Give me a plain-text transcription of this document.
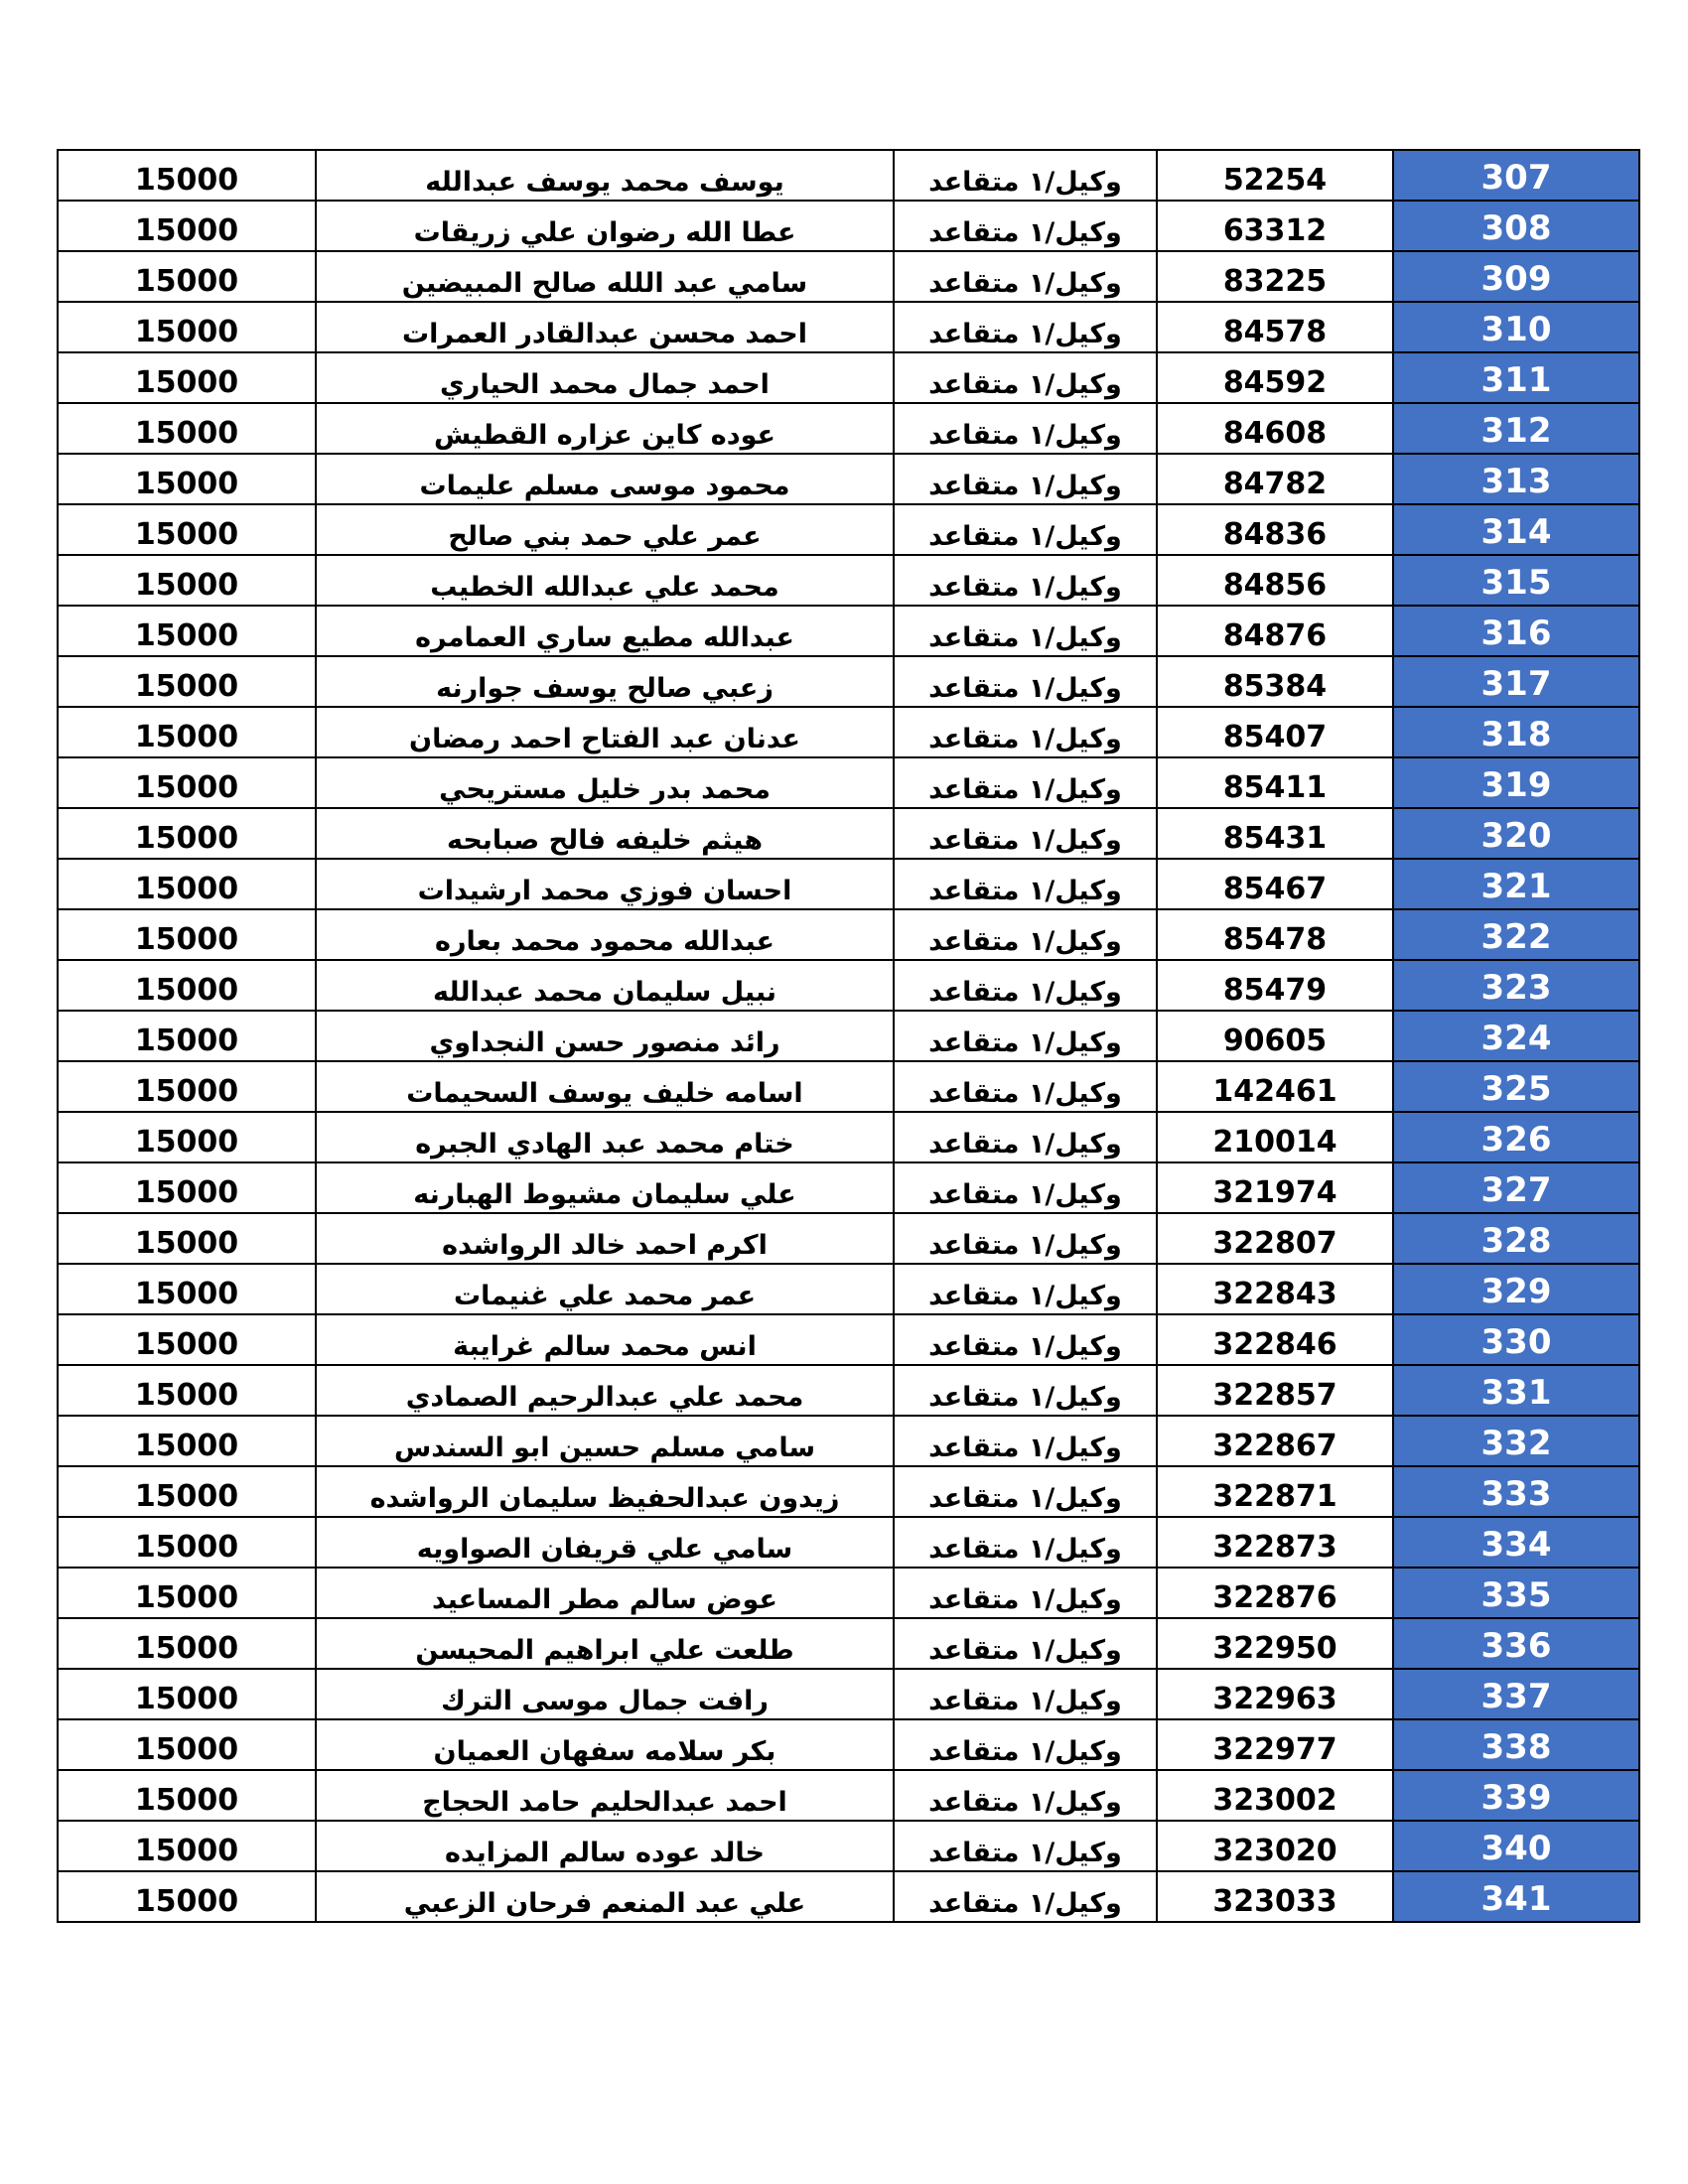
15000	يوسف محمد يوسف عبدالله	وكيل/١ متقاعد	52254	307
15000	عطا الله رضوان علي زريقات	وكيل/١ متقاعد	63312	308
15000	سامي عبد اللله صالح المبيضين	وكيل/١ متقاعد	83225	309
15000	احمد محسن عبدالقادر العمرات	وكيل/١ متقاعد	84578	310
15000	احمد جمال محمد الحياري	وكيل/١ متقاعد	84592	311
15000	عوده كاين عزاره القطيش	وكيل/١ متقاعد	84608	312
15000	محمود موسى مسلم عليمات	وكيل/١ متقاعد	84782	313
15000	عمر علي حمد بني صالح	وكيل/١ متقاعد	84836	314
15000	محمد علي عبدالله الخطيب	وكيل/١ متقاعد	84856	315
15000	عبدالله مطيع ساري العمامره	وكيل/١ متقاعد	84876	316
15000	زعبي صالح يوسف جوارنه	وكيل/١ متقاعد	85384	317
15000	عدنان عبد الفتاح احمد رمضان	وكيل/١ متقاعد	85407	318
15000	محمد بدر خليل مستريحي	وكيل/١ متقاعد	85411	319
15000	هيثم خليفه فالح صبابحه	وكيل/١ متقاعد	85431	320
15000	احسان فوزي محمد ارشيدات	وكيل/١ متقاعد	85467	321
15000	عبدالله محمود محمد بعاره	وكيل/١ متقاعد	85478	322
15000	نبيل سليمان محمد عبدالله	وكيل/١ متقاعد	85479	323
15000	رائد منصور حسن النجداوي	وكيل/١ متقاعد	90605	324
15000	اسامه خليف يوسف السحيمات	وكيل/١ متقاعد	142461	325
15000	ختام محمد عبد الهادي الجبره	وكيل/١ متقاعد	210014	326
15000	علي سليمان مشيوط الهبارنه	وكيل/١ متقاعد	321974	327
15000	اكرم احمد خالد الرواشده	وكيل/١ متقاعد	322807	328
15000	عمر محمد علي غنيمات	وكيل/١ متقاعد	322843	329
15000	انس محمد سالم غرايبة	وكيل/١ متقاعد	322846	330
15000	محمد علي عبدالرحيم الصمادي	وكيل/١ متقاعد	322857	331
15000	سامي مسلم حسين ابو السندس	وكيل/١ متقاعد	322867	332
15000	زيدون عبدالحفيظ سليمان الرواشده	وكيل/١ متقاعد	322871	333
15000	سامي علي قريفان الصواويه	وكيل/١ متقاعد	322873	334
15000	عوض سالم مطر المساعيد	وكيل/١ متقاعد	322876	335
15000	طلعت علي ابراهيم المحيسن	وكيل/١ متقاعد	322950	336
15000	رافت جمال موسى الترك	وكيل/١ متقاعد	322963	337
15000	بكر سلامه سفهان العميان	وكيل/١ متقاعد	322977	338
15000	احمد عبدالحليم حامد الحجاج	وكيل/١ متقاعد	323002	339
15000	خالد عوده سالم المزايده	وكيل/١ متقاعد	323020	340
15000	علي عبد المنعم فرحان الزعبي	وكيل/١ متقاعد	323033	341
